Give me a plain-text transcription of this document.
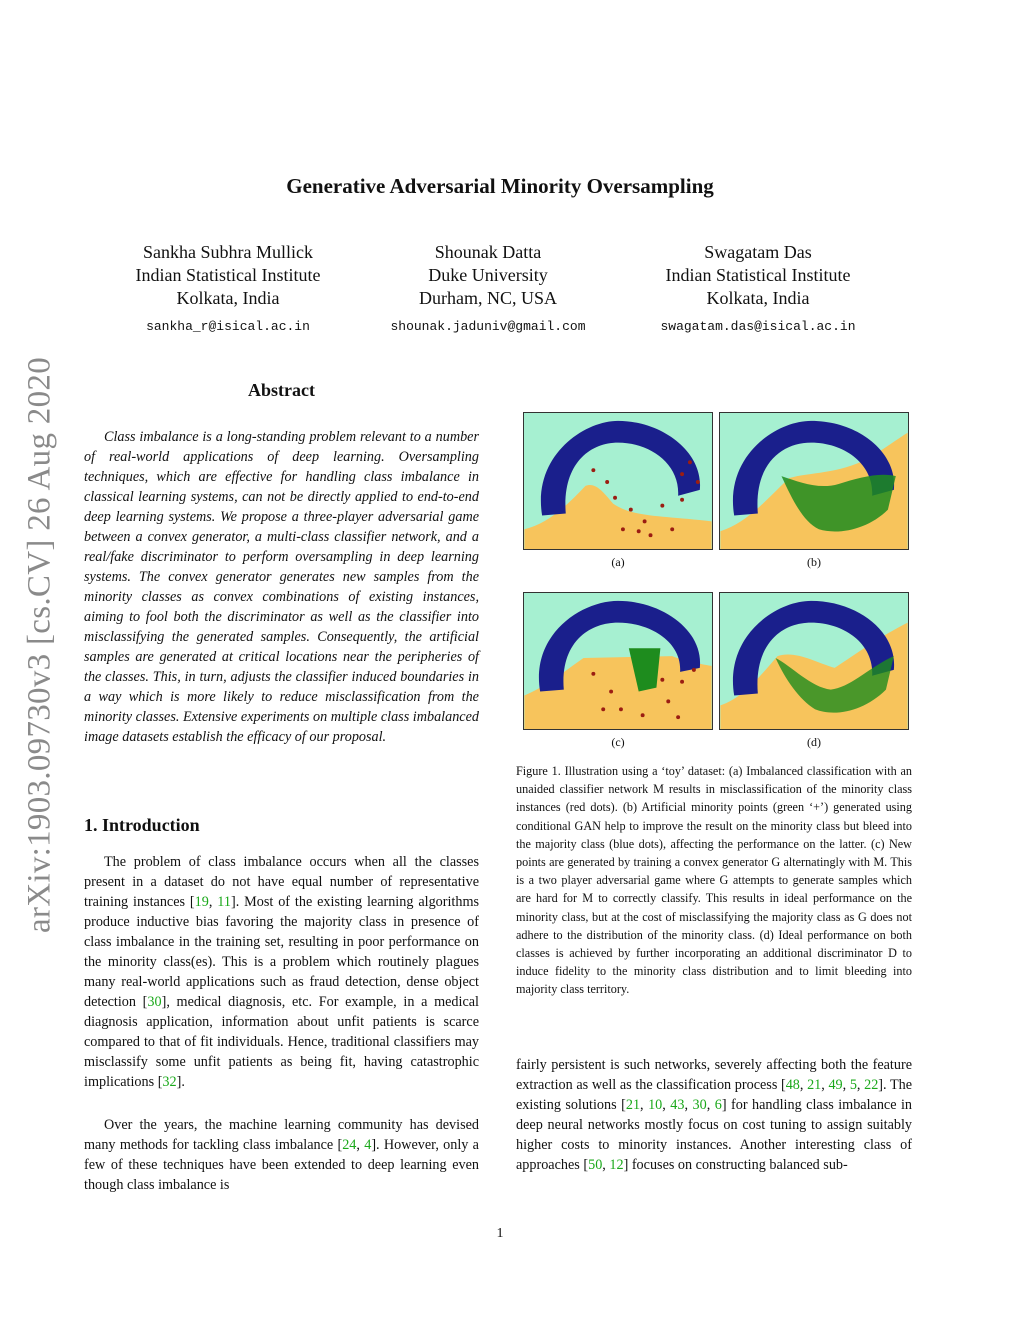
arXiv:1903.09730v3 [cs.CV] 26 Aug 2020
Generative Adversarial Minority Oversampling
Sankha Subhra Mullick
Indian Statistical Institute
Kolkata, India
sankha_r@isical.ac.in
Shounak Datta
Duke University
Durham, NC, USA
shounak.jaduniv@gmail.com
Swagatam Das
Indian Statistical Institute
Kolkata, India
swagatam.das@isical.ac.in
Abstract
Class imbalance is a long-standing problem relevant to a number of real-world applications of deep learning. Oversampling techniques, which are effective for handling class imbalance in classical learning systems, can not be directly applied to end-to-end deep learning systems. We propose a three-player adversarial game between a convex generator, a multi-class classifier network, and a real/fake discriminator to perform oversampling in deep learning systems. The convex generator generates new samples from the minority classes as convex combinations of existing instances, aiming to fool both the discriminator as well as the classifier into misclassifying the generated samples. Consequently, the artificial samples are generated at critical locations near the peripheries of the classes. This, in turn, adjusts the classifier induced boundaries in a way which is more likely to reduce misclassification from the minority classes. Extensive experiments on multiple class imbalanced image datasets establish the efficacy of our proposal.
1. Introduction
The problem of class imbalance occurs when all the classes present in a dataset do not have equal number of representative training instances [19, 11]. Most of the existing learning algorithms produce inductive bias favoring the majority class in presence of class imbalance in the training set, resulting in poor performance on the minority class(es). This is a problem which routinely plagues many real-world applications such as fraud detection, dense object detection [30], medical diagnosis, etc. For example, in a medical diagnosis application, information about unfit patients is scarce compared to that of fit individuals. Hence, traditional classifiers may misclassify some unfit patients as being fit, having catastrophic implications [32].
Over the years, the machine learning community has devised many methods for tackling class imbalance [24, 4]. However, only a few of these techniques have been extended to deep learning even though class imbalance is
fairly persistent is such networks, severely affecting both the feature extraction as well as the classification process [48, 21, 49, 5, 22]. The existing solutions [21, 10, 43, 30, 6] for handling class imbalance in deep neural networks mostly focus on cost tuning to assign suitably higher costs to minority instances. Another interesting class of approaches [50, 12] focuses on constructing balanced sub-
(a)	(b)
(c)	(d)
Figure 1. Illustration using a ‘toy’ dataset: (a) Imbalanced classification with an unaided classifier network M results in misclassification of the minority class instances (red dots). (b) Artificial minority points (green ‘+’) generated using conditional GAN help to improve the result on the minority class but bleed into the majority class (blue dots), affecting the performance on the latter. (c) New points are generated by training a convex generator G alternatingly with M. This is a two player adversarial game where G attempts to generate samples which are hard for M to correctly classify. This results in ideal performance on the minority class, but at the cost of misclassifying the majority class as G does not adhere to the distribution of the minority class. (d) Ideal performance on both classes is achieved by further incorporating an additional discriminator D to induce fidelity to the minority class distribution and to limit bleeding into majority class territory.
1
